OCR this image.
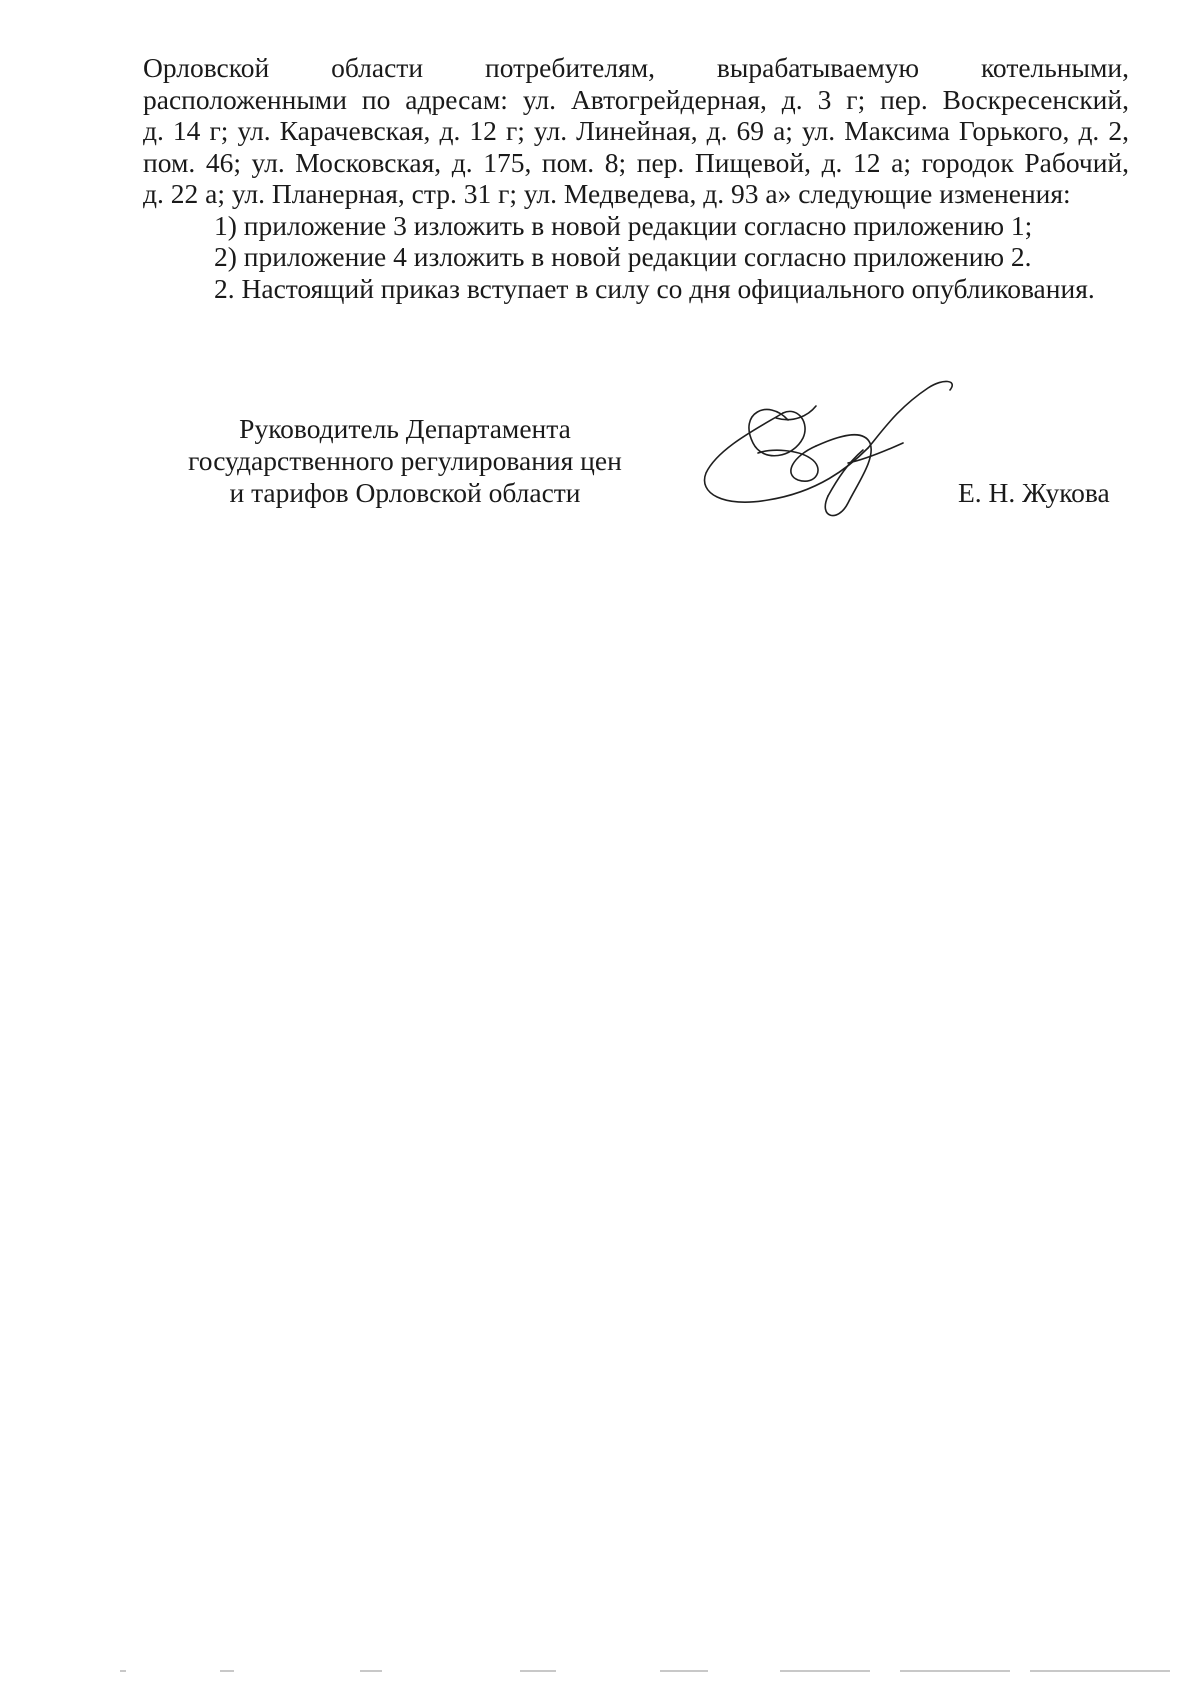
Орловской области потребителям, вырабатываемую котельными,
расположенными по адресам: ул. Автогрейдерная, д. 3 г; пер. Воскресенский,
д. 14 г; ул. Карачевская, д. 12 г; ул. Линейная, д. 69 а; ул. Максима Горького, д. 2,
пом. 46; ул. Московская, д. 175, пом. 8; пер. Пищевой, д. 12 а; городок Рабочий,
д. 22 а; ул. Планерная, стр. 31 г; ул. Медведева, д. 93 а» следующие изменения:
1) приложение 3 изложить в новой редакции согласно приложению 1;
2) приложение 4 изложить в новой редакции согласно приложению 2.
2. Настоящий приказ вступает в силу со дня официального опубликования.
Руководитель Департамента
государственного регулирования цен
и тарифов Орловской области	Е. Н. Жукова
